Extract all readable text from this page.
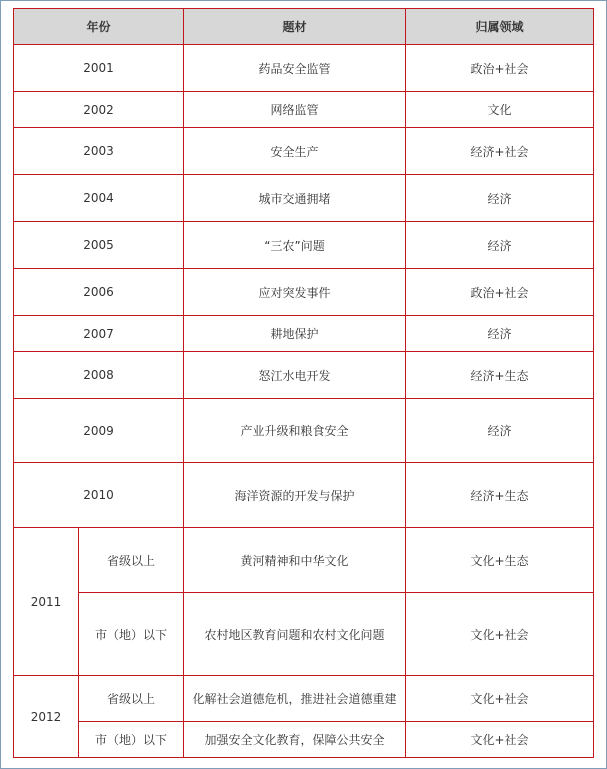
年份		题材	归属领域
2001		药品安全监管	政治+社会
2002		网络监管	文化
2003		安全生产	经济+社会
2004		城市交通拥堵	经济
2005		“三农”问题	经济
2006		应对突发事件	政治+社会
2007		耕地保护	经济
2008		怒江水电开发	经济+生态
2009		产业升级和粮食安全	经济
2010		海洋资源的开发与保护	经济+生态
2011	省级以上	黄河精神和中华文化	文化+生态
	市（地）以下	农村地区教育问题和农村文化问题	文化+社会
2012	省级以上	化解社会道德危机，推进社会道德重建	文化+社会
	市（地）以下	加强安全文化教育，保障公共安全	文化+社会
